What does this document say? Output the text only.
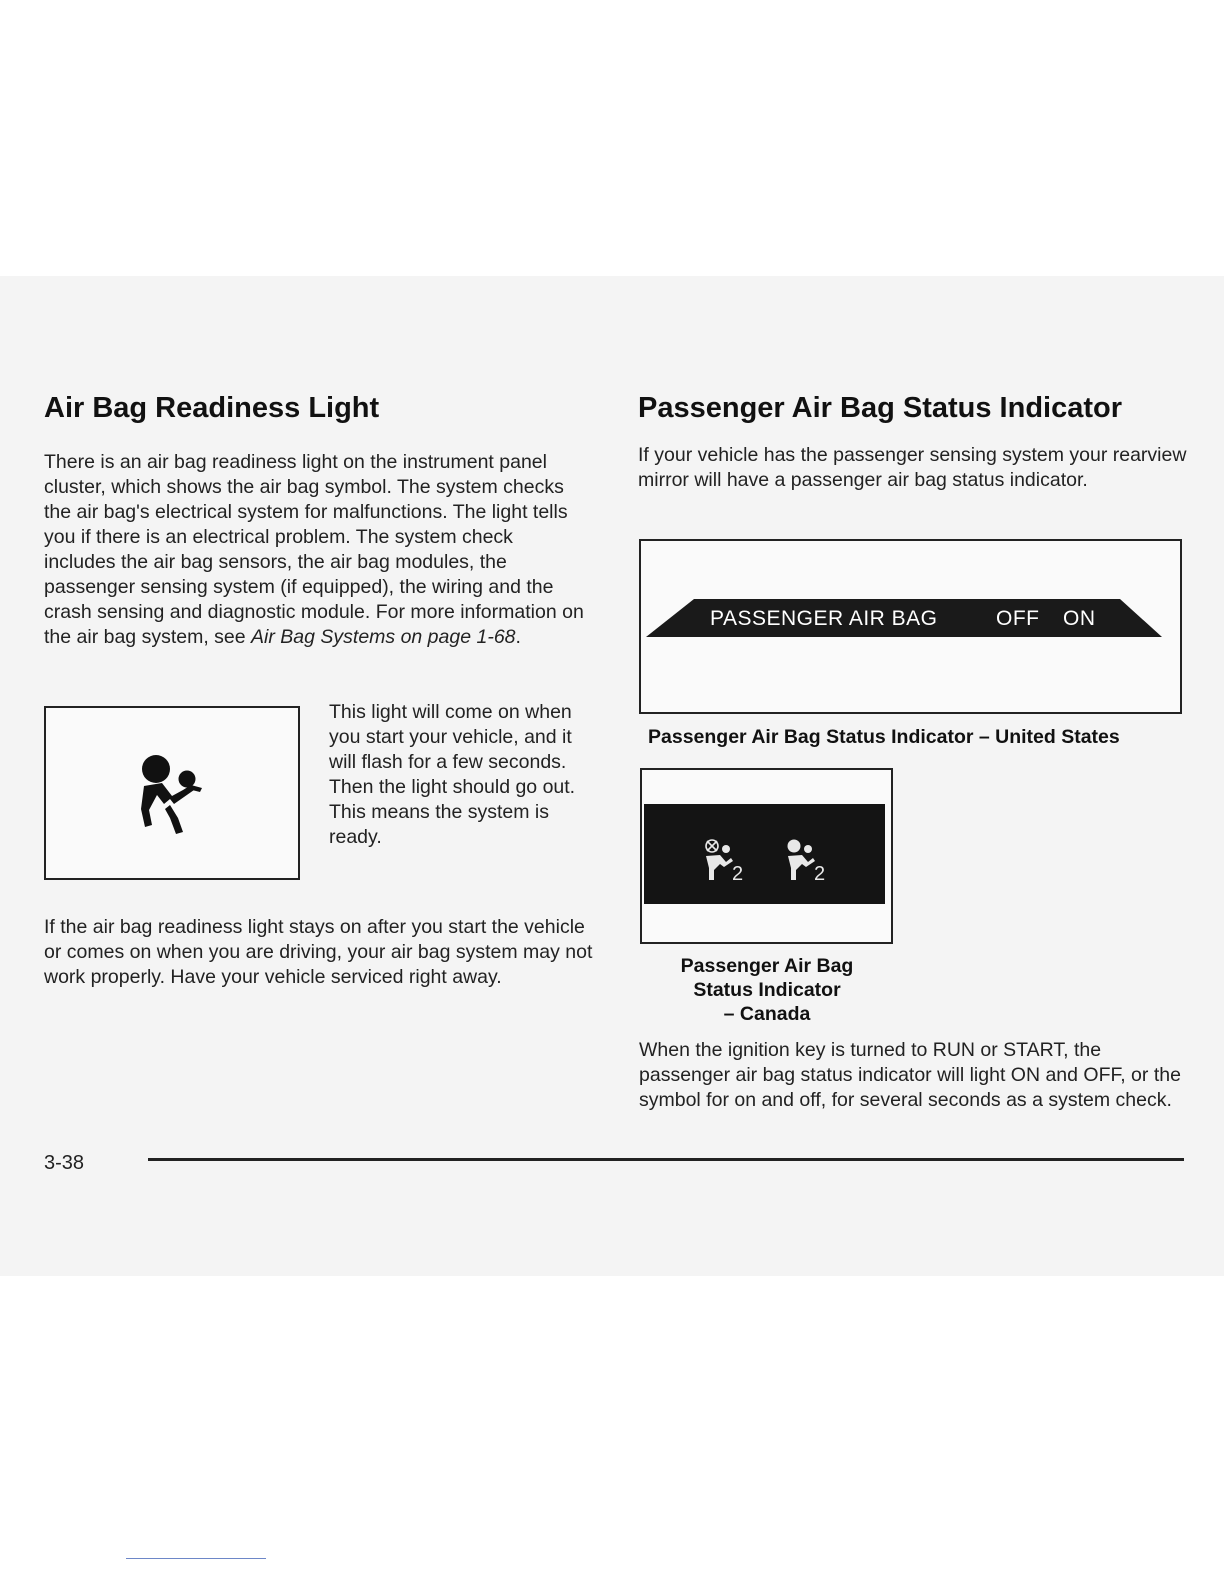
Air Bag Readiness Light

There is an air bag readiness light on the instrument panel cluster, which shows the air bag symbol. The system checks the air bag's electrical system for malfunctions. The light tells you if there is an electrical problem. The system check includes the air bag sensors, the air bag modules, the passenger sensing system (if equipped), the wiring and the crash sensing and diagnostic module. For more information on the air bag system, see Air Bag Systems on page 1-68.

This light will come on when you start your vehicle, and it will flash for a few seconds. Then the light should go out. This means the system is ready.

If the air bag readiness light stays on after you start the vehicle or comes on when you are driving, your air bag system may not work properly. Have your vehicle serviced right away.

Passenger Air Bag Status Indicator

If your vehicle has the passenger sensing system your rearview mirror will have a passenger air bag status indicator.

PASSENGER AIR BAG	OFF ON
Passenger Air Bag Status Indicator – United States
2	2
Passenger Air Bag
Status Indicator
– Canada

When the ignition key is turned to RUN or START, the passenger air bag status indicator will light ON and OFF, or the symbol for on and off, for several seconds as a system check.

3-38
